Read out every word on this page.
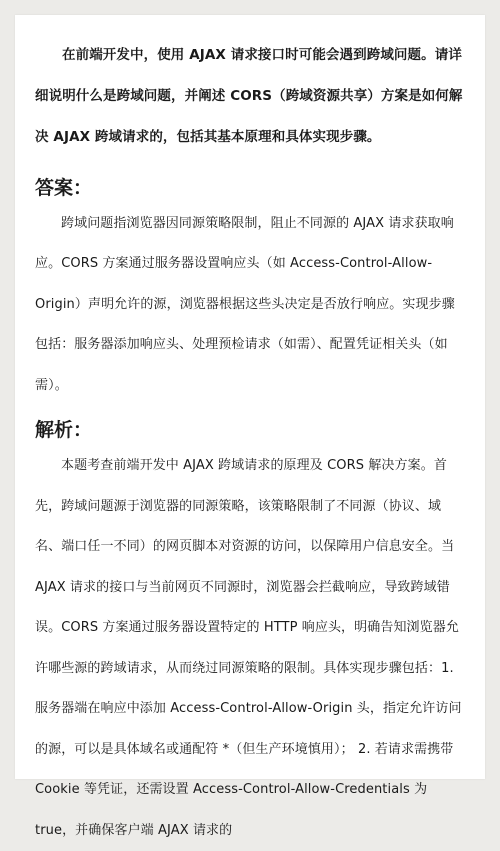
在前端开发中，使用 AJAX 请求接口时可能会遇到跨域问题。请详细说明什么是跨域问题，并阐述 CORS（跨域资源共享）方案是如何解决 AJAX 跨域请求的，包括其基本原理和具体实现步骤。

答案：

跨域问题指浏览器因同源策略限制，阻止不同源的 AJAX 请求获取响应。CORS 方案通过服务器设置响应头（如 Access-Control-Allow-Origin）声明允许的源，浏览器根据这些头决定是否放行响应。实现步骤包括：服务器添加响应头、处理预检请求（如需）、配置凭证相关头（如需）。

解析：

本题考查前端开发中 AJAX 跨域请求的原理及 CORS 解决方案。首先，跨域问题源于浏览器的同源策略，该策略限制了不同源（协议、域名、端口任一不同）的网页脚本对资源的访问，以保障用户信息安全。当 AJAX 请求的接口与当前网页不同源时，浏览器会拦截响应，导致跨域错误。CORS 方案通过服务器设置特定的 HTTP 响应头，明确告知浏览器允许哪些源的跨域请求，从而绕过同源策略的限制。具体实现步骤包括：1. 服务器端在响应中添加 Access-Control-Allow-Origin 头，指定允许访问的源，可以是具体域名或通配符 *（但生产环境慎用）； 2. 若请求需携带 Cookie 等凭证，还需设置 Access-Control-Allow-Credentials 为 true，并确保客户端 AJAX 请求的
